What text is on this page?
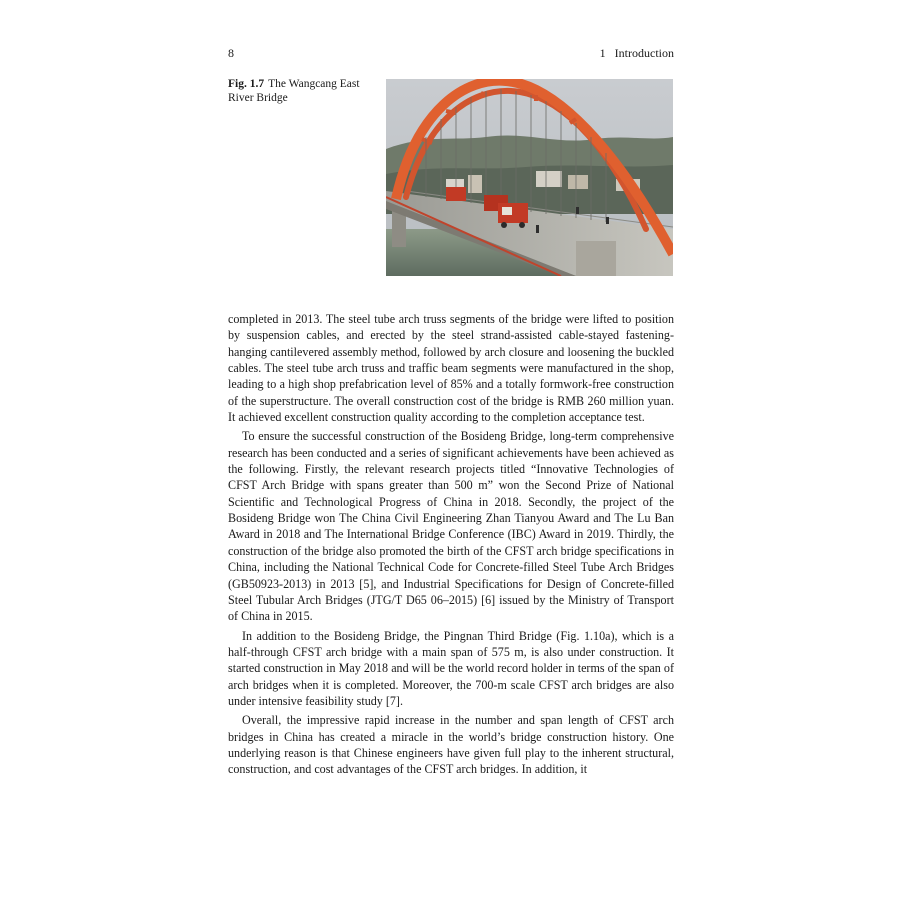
8	1   Introduction
Fig. 1.7 The Wangcang East River Bridge

completed in 2013. The steel tube arch truss segments of the bridge were lifted to position by suspension cables, and erected by the steel strand-assisted cable-stayed fastening-hanging cantilevered assembly method, followed by arch closure and loosening the buckled cables. The steel tube arch truss and traffic beam segments were manufactured in the shop, leading to a high shop prefabrication level of 85% and a totally formwork-free construction of the superstructure. The overall construction cost of the bridge is RMB 260 million yuan. It achieved excellent construction quality according to the completion acceptance test.

To ensure the successful construction of the Bosideng Bridge, long-term comprehensive research has been conducted and a series of significant achievements have been achieved as the following. Firstly, the relevant research projects titled “Innovative Technologies of CFST Arch Bridge with spans greater than 500 m” won the Second Prize of National Scientific and Technological Progress of China in 2018. Secondly, the project of the Bosideng Bridge won The China Civil Engineering Zhan Tianyou Award and The Lu Ban Award in 2018 and The International Bridge Conference (IBC) Award in 2019. Thirdly, the construction of the bridge also promoted the birth of the CFST arch bridge specifications in China, including the National Technical Code for Concrete-filled Steel Tube Arch Bridges (GB50923-2013) in 2013 [5], and Industrial Specifications for Design of Concrete-filled Steel Tubular Arch Bridges (JTG/T D65 06–2015) [6] issued by the Ministry of Transport of China in 2015.

In addition to the Bosideng Bridge, the Pingnan Third Bridge (Fig. 1.10a), which is a half-through CFST arch bridge with a main span of 575 m, is also under construction. It started construction in May 2018 and will be the world record holder in terms of the span of arch bridges when it is completed. Moreover, the 700-m scale CFST arch bridges are also under intensive feasibility study [7].

Overall, the impressive rapid increase in the number and span length of CFST arch bridges in China has created a miracle in the world’s bridge construction history. One underlying reason is that Chinese engineers have given full play to the inherent structural, construction, and cost advantages of the CFST arch bridges. In addition, it
